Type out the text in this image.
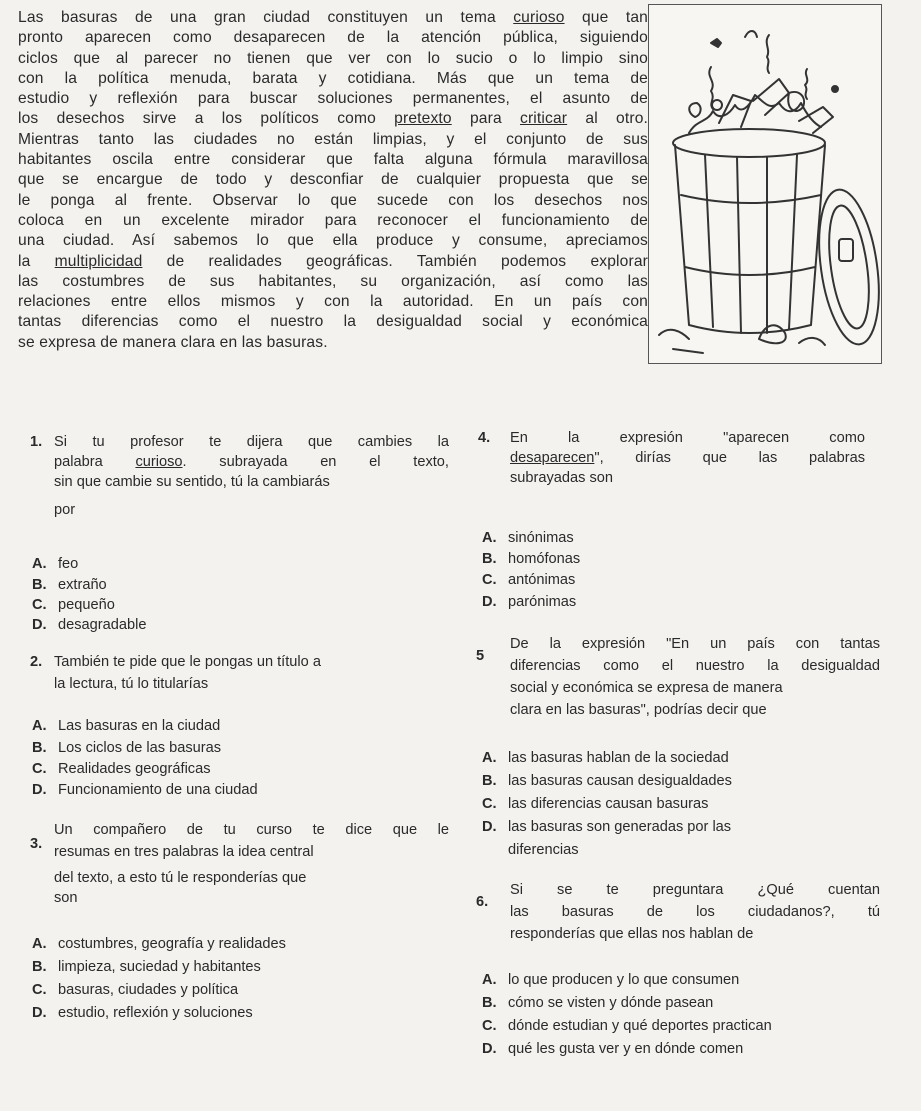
Las basuras de una gran ciudad constituyen un tema curioso que tan
pronto aparecen como desaparecen de la atención pública, siguiendo
ciclos que al parecer no tienen que ver con lo sucio o lo limpio sino
con la política menuda, barata y cotidiana. Más que un tema de
estudio y reflexión para buscar soluciones permanentes, el asunto de
los desechos sirve a los políticos como pretexto para criticar al otro.
Mientras tanto las ciudades no están limpias, y el conjunto de sus
habitantes oscila entre considerar que falta alguna fórmula maravillosa
que se encargue de todo y desconfiar de cualquier propuesta que se
le ponga al frente. Observar lo que sucede con los desechos nos
coloca en un excelente mirador para reconocer el funcionamiento de
una ciudad. Así sabemos lo que ella produce y consume, apreciamos
la multiplicidad de realidades geográficas. También podemos explorar
las costumbres de sus habitantes, su organización, así como las
relaciones entre ellos mismos y con la autoridad. En un país con
tantas diferencias como el nuestro la desigualdad social y económica
se expresa de manera clara en las basuras.
1. Si tu profesor te dijera que cambies la
palabra curioso. subrayada en el texto,
sin que cambie su sentido, tú la cambiarás
por
A. feo
B. extraño
C. pequeño
D. desagradable
2. También te pide que le pongas un título a
la lectura, tú lo titularías
A. Las basuras en la ciudad
B. Los ciclos de las basuras
C. Realidades geográficas
D. Funcionamiento de una ciudad
3.
Un compañero de tu curso te dice que le
resumas en tres palabras la idea central
del texto, a esto tú le responderías que
son
A. costumbres, geografía y realidades
B. limpieza, suciedad y habitantes
C. basuras, ciudades y política
D. estudio, reflexión y soluciones
4. En la expresión "aparecen como
desaparecen", dirías que las palabras
subrayadas son
A. sinónimas
B. homófonas
C. antónimas
D. parónimas
5
De la expresión "En un país con tantas
diferencias como el nuestro la desigualdad
social y económica se expresa de manera
clara en las basuras", podrías decir que
A. las basuras hablan de la sociedad
B. las basuras causan desigualdades
C. las diferencias causan basuras
D. las basuras son generadas por las
diferencias
6.
Si se te preguntara ¿Qué cuentan
las basuras de los ciudadanos?, tú
responderías que ellas nos hablan de
A. lo que producen y lo que consumen
B. cómo se visten y dónde pasean
C. dónde estudian y qué deportes practican
D. qué les gusta ver y en dónde comen
